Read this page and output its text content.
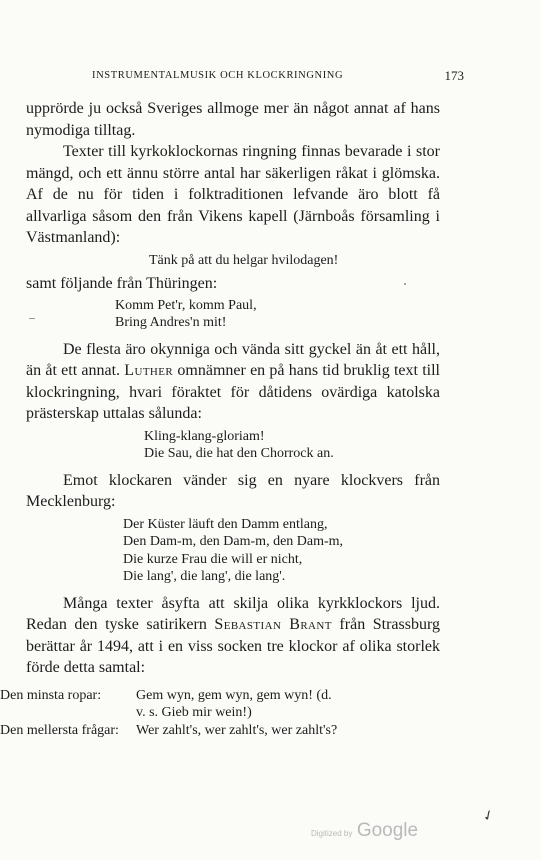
INSTRUMENTALMUSIK OCH KLOCKRINGNING	173

upprörde ju också Sveriges allmoge mer än något annat af hans nymodiga tilltag.

Texter till kyrkoklockornas ringning finnas bevarade i stor mängd, och ett ännu större antal har säkerligen råkat i glömska. Af de nu för tiden i folktraditionen lefvande äro blott få allvarliga såsom den från Vikens kapell (Järnboås församling i Västmanland):

Tänk på att du helgar hvilodagen!

samt följande från Thüringen:

Komm Pet'r, komm Paul,
Bring Andres'n mit!

De flesta äro okynniga och vända sitt gyckel än åt ett håll, än åt ett annat. Luther omnämner en på hans tid bruklig text till klockringning, hvari föraktet för dåtidens ovärdiga katolska prästerskap uttalas sålunda:

Kling-klang-gloriam!
Die Sau, die hat den Chorrock an.

Emot klockaren vänder sig en nyare klockvers från Mecklenburg:

Der Küster läuft den Damm entlang,
Den Dam-m, den Dam-m, den Dam-m,
Die kurze Frau die will er nicht,
Die lang', die lang', die lang'.

Många texter åsyfta att skilja olika kyrkklockors ljud. Redan den tyske satirikern Sebastian Brant från Strassburg berättar år 1494, att i en viss socken tre klockor af olika storlek förde detta samtal:

Den minsta ropar:	Gem wyn, gem wyn, gem wyn! (d.
v. s. Gieb mir wein!)
Den mellersta frågar:	Wer zahlt's, wer zahlt's, wer zahlt's?
✓
Digitized by Google
